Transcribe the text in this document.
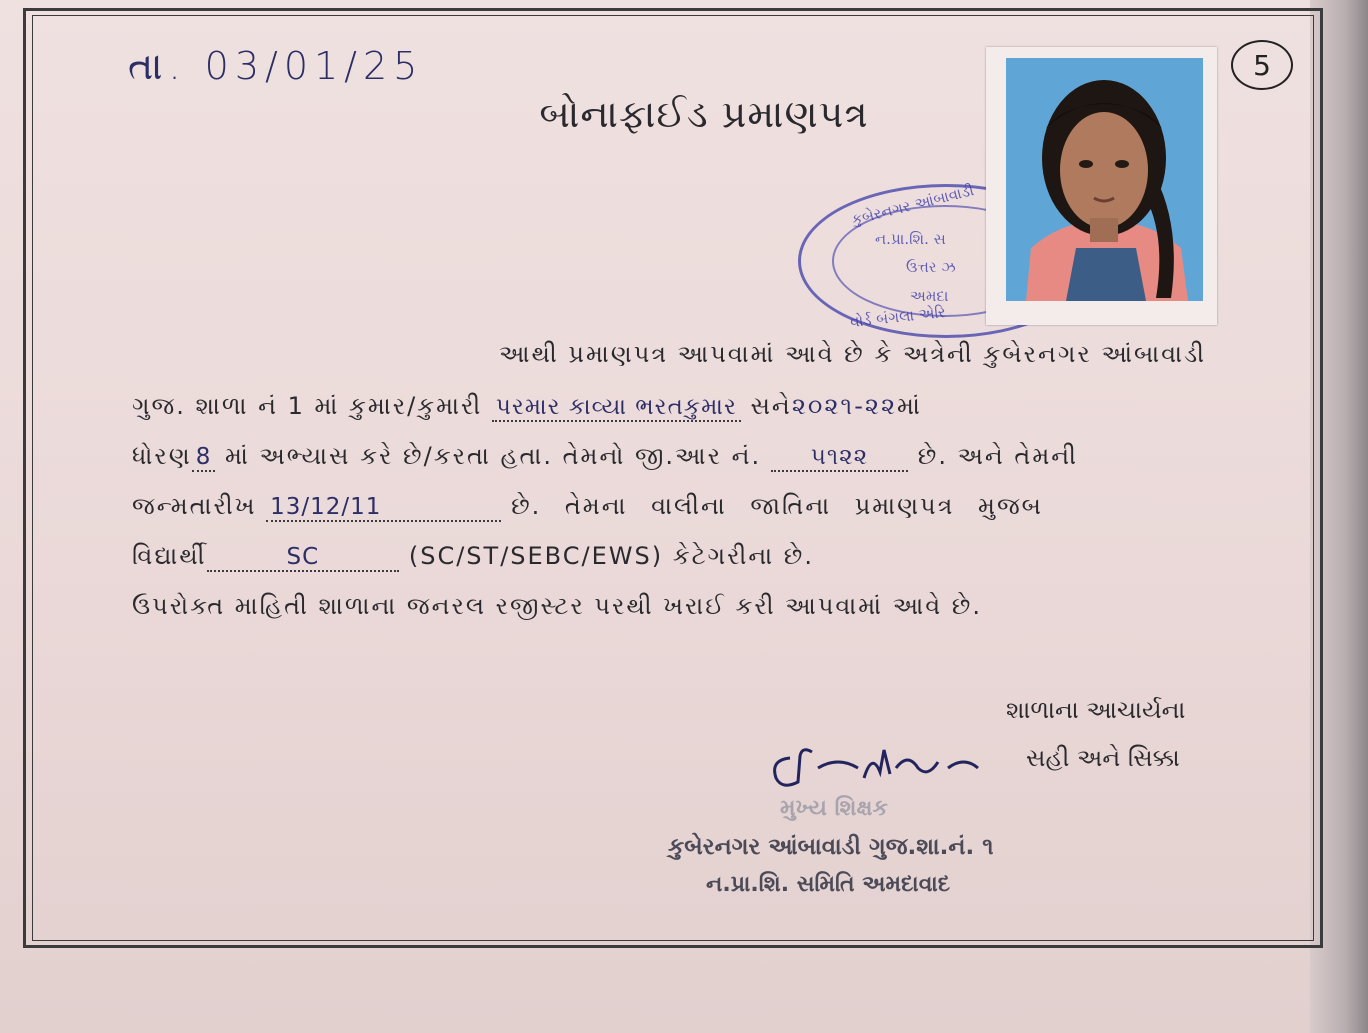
તા. 03/01/25	5
બોનાફાઈડ પ્રમાણપત્ર
કુબેરનગર આંબાવાડી
ન.પ્રા.શિ. સ
ઉત્તર ઝ
અમદા
વોર્ડ બંગલા એરિ
આથી પ્રમાણપત્ર આપવામાં આવે છે કે અત્રેની કુબેરનગર આંબાવાડી
ગુજ. શાળા નં 1 માં કુમાર/કુમારી પરમાર કાવ્યા ભરતકુમાર સને૨૦૨૧-૨૨માં
ધોરણ 8 માં અભ્યાસ કરે છે/કરતા હતા. તેમનો જી.આર નં. ૫૧૨૨ છે. અને તેમની
જન્મતારીખ 13/12/11	છે. તેમના વાલીના જાતિના પ્રમાણપત્ર મુજબ
વિદ્યાર્થી	SC	(SC/ST/SEBC/EWS) કેટેગરીના છે.
ઉપરોક્ત માહિતી શાળાના જનરલ રજીસ્ટર પરથી ખરાઈ કરી આપવામાં આવે છે.
શાળાના આચાર્યના
સહી અને સિક્કા
મુખ્ય શિક્ષક
કુબેરનગર આંબાવાડી ગુજ.શા.નં. ૧
ન.પ્રા.શિ. સમિતિ અમદાવાદ
